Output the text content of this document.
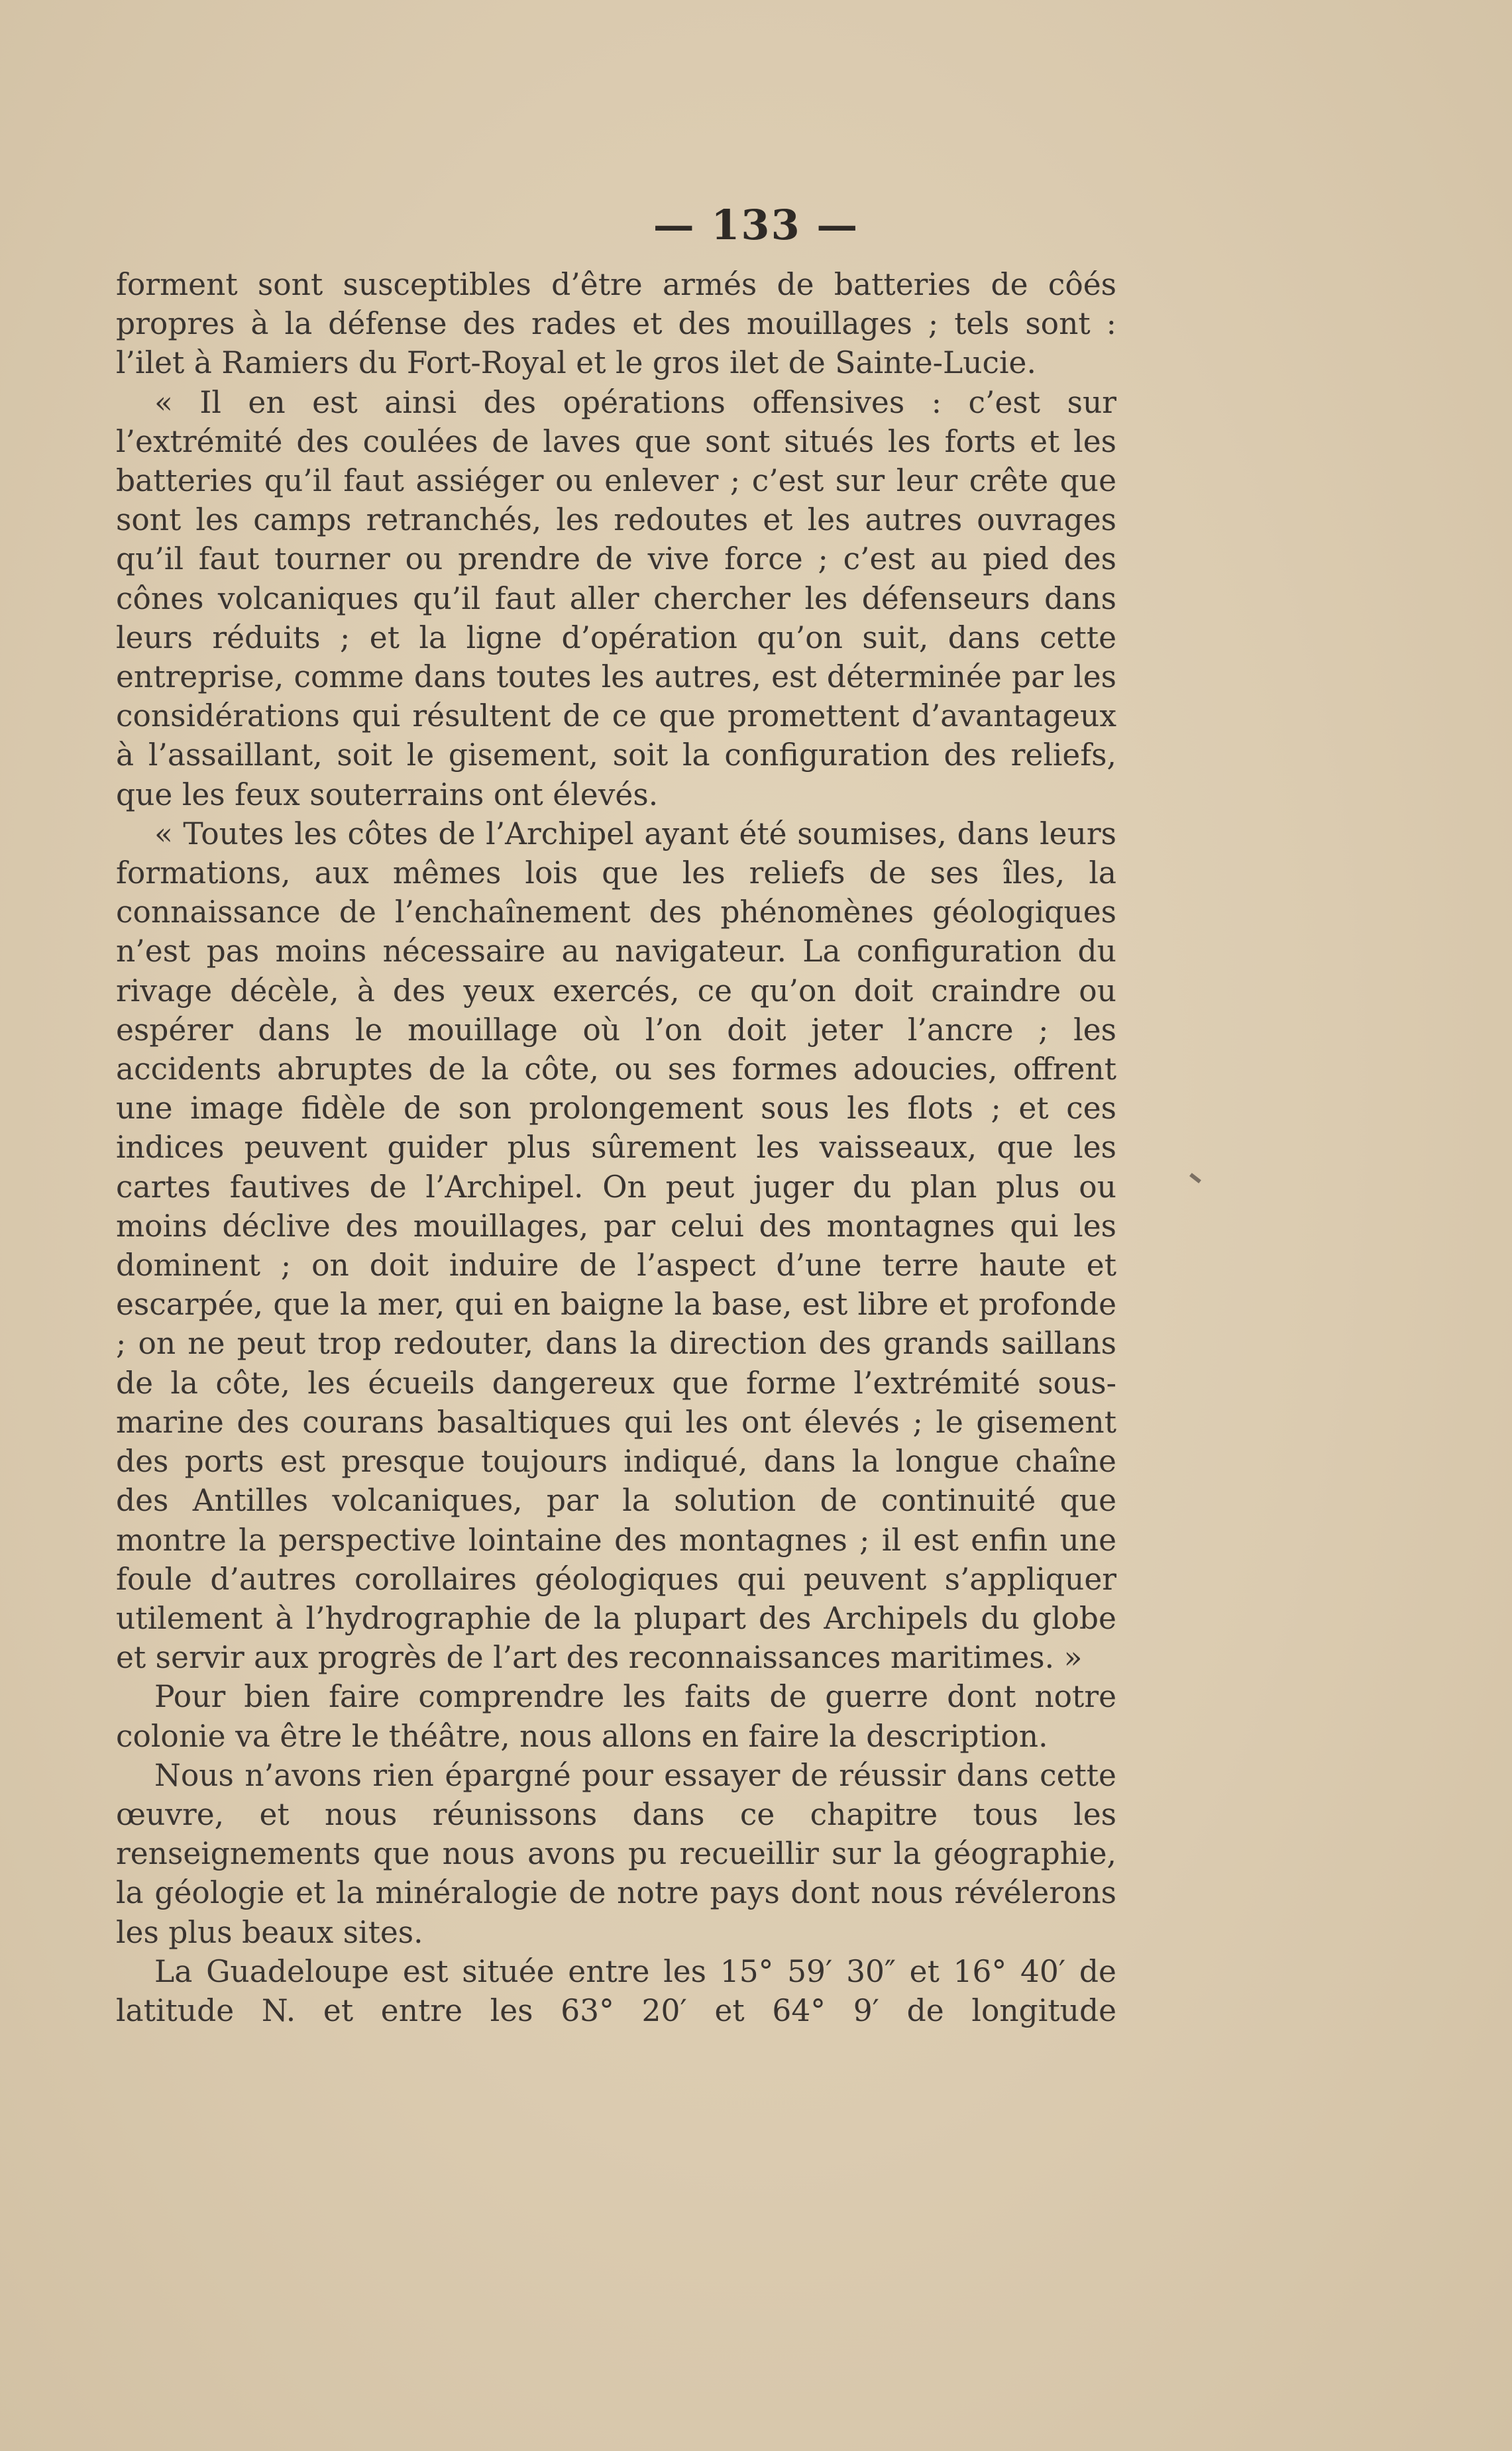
— 133 —

forment sont susceptibles d’être armés de batteries de côés propres à la défense des rades et des mouillages ; tels sont : l’ilet à Ramiers du Fort-Royal et le gros ilet de Sainte-Lucie.

« Il en est ainsi des opérations offensives : c’est sur l’extrémité des coulées de laves que sont situés les forts et les batteries qu’il faut assiéger ou enlever ; c’est sur leur crête que sont les camps retranchés, les redoutes et les autres ouvrages qu’il faut tourner ou prendre de vive force ; c’est au pied des cônes volcaniques qu’il faut aller chercher les défenseurs dans leurs réduits ; et la ligne d’opération qu’on suit, dans cette entreprise, comme dans toutes les autres, est déterminée par les considérations qui résultent de ce que promettent d’avantageux à l’assaillant, soit le gisement, soit la configuration des reliefs, que les feux souterrains ont élevés.

« Toutes les côtes de l’Archipel ayant été soumises, dans leurs formations, aux mêmes lois que les reliefs de ses îles, la connaissance de l’enchaînement des phénomènes géologiques n’est pas moins nécessaire au navigateur. La configuration du rivage décèle, à des yeux exercés, ce qu’on doit craindre ou espérer dans le mouillage où l’on doit jeter l’ancre ; les accidents abruptes de la côte, ou ses formes adoucies, offrent une image fidèle de son prolongement sous les flots ; et ces indices peuvent guider plus sûrement les vaisseaux, que les cartes fautives de l’Archipel. On peut juger du plan plus ou moins déclive des mouillages, par celui des montagnes qui les dominent ; on doit induire de l’aspect d’une terre haute et escarpée, que la mer, qui en baigne la base, est libre et profonde ; on ne peut trop redouter, dans la direction des grands saillans de la côte, les écueils dangereux que forme l’extrémité sous-marine des courans basaltiques qui les ont élevés ; le gisement des ports est presque toujours indiqué, dans la longue chaîne des Antilles volcaniques, par la solution de continuité que montre la perspective lointaine des montagnes ; il est enfin une foule d’autres corollaires géologiques qui peuvent s’appliquer utilement à l’hydrographie de la plupart des Archipels du globe et servir aux progrès de l’art des reconnaissances maritimes. »

Pour bien faire comprendre les faits de guerre dont notre colonie va être le théâtre, nous allons en faire la description.

Nous n’avons rien épargné pour essayer de réussir dans cette œuvre, et nous réunissons dans ce chapitre tous les renseignements que nous avons pu recueillir sur la géographie, la géologie et la minéralogie de notre pays dont nous révélerons les plus beaux sites.

La Guadeloupe est située entre les 15° 59′ 30″ et 16° 40′ de latitude N. et entre les 63° 20′ et 64° 9′ de longitude
